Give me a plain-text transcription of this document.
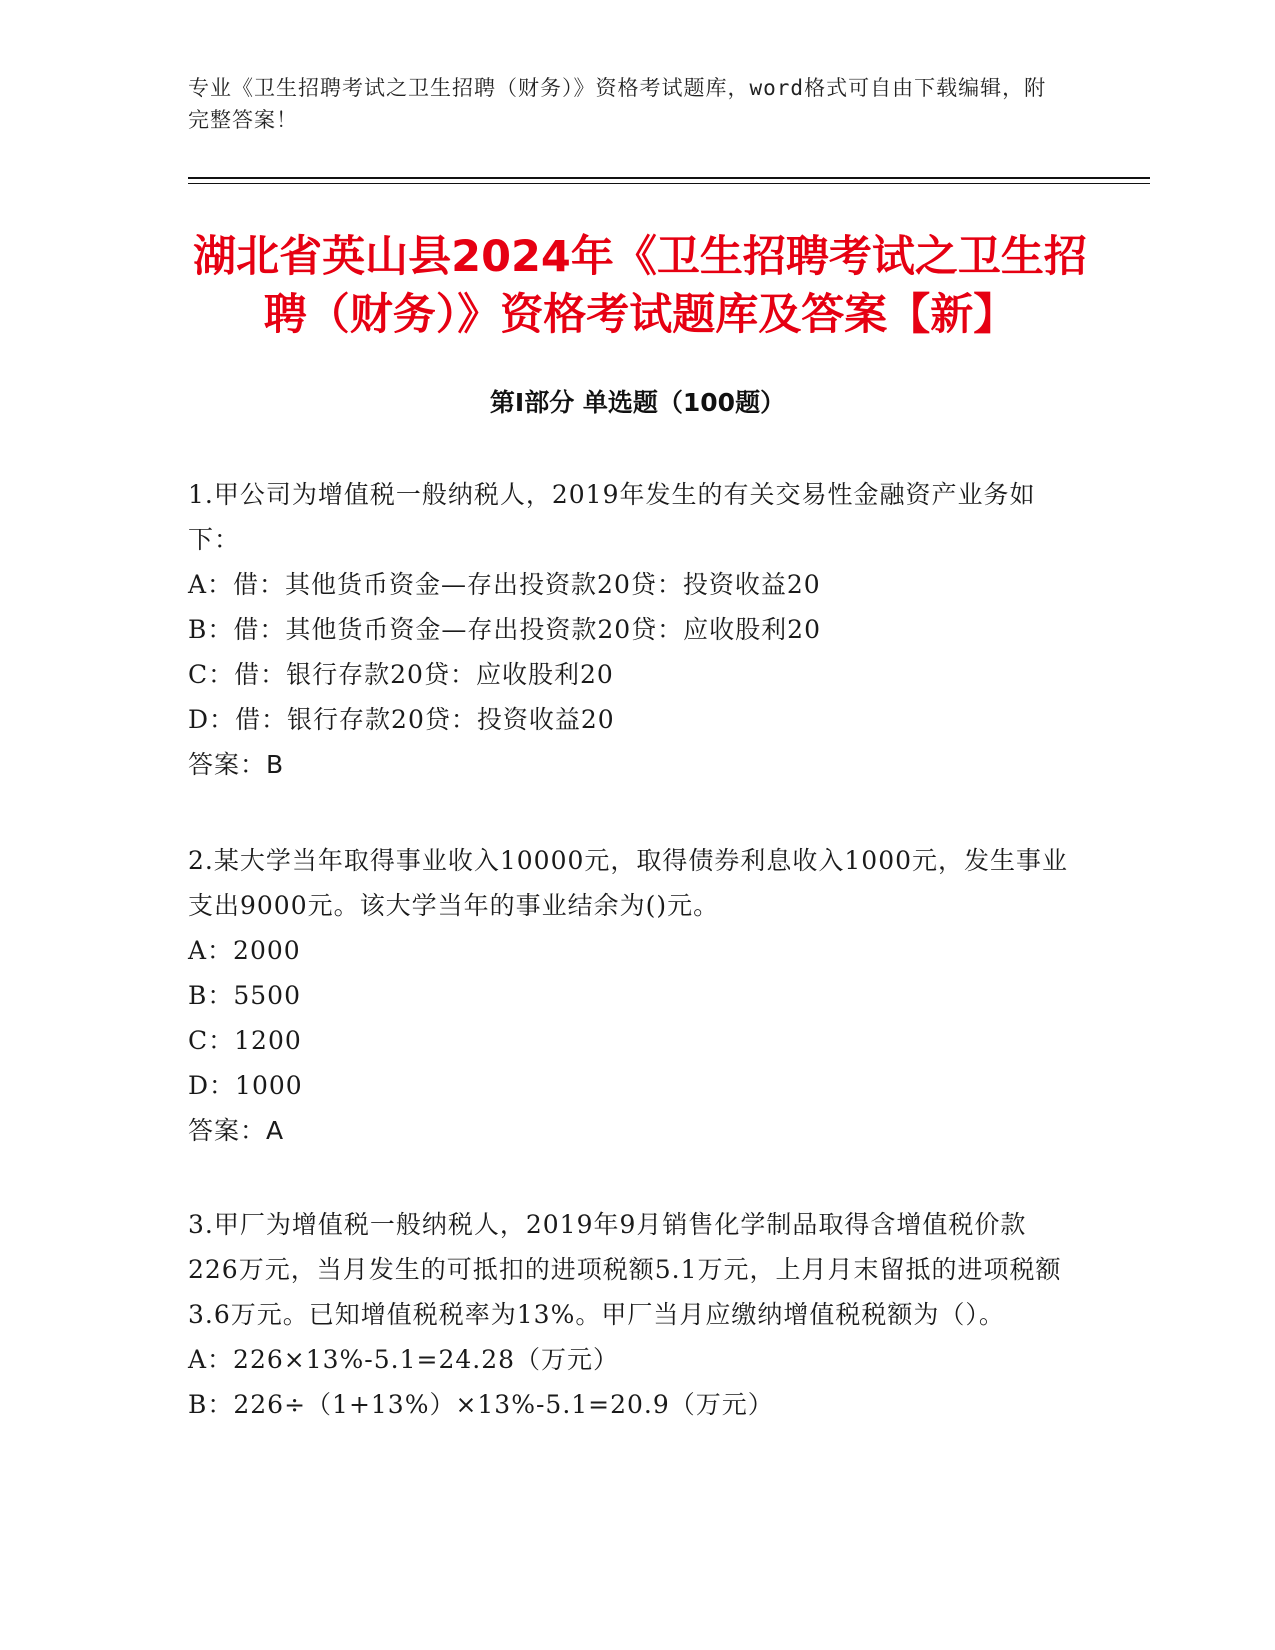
专业《卫生招聘考试之卫生招聘（财务）》资格考试题库，word格式可自由下载编辑，附完整答案！
湖北省英山县2024年《卫生招聘考试之卫生招聘（财务）》资格考试题库及答案【新】
第Ⅰ部分 单选题（100题）
1.甲公司为增值税一般纳税人，2019年发生的有关交易性金融资产业务如下：
A：借：其他货币资金—存出投资款20贷：投资收益20
B：借：其他货币资金—存出投资款20贷：应收股利20
C：借：银行存款20贷：应收股利20
D：借：银行存款20贷：投资收益20
答案：B
2.某大学当年取得事业收入10000元，取得债券利息收入1000元，发生事业支出9000元。该大学当年的事业结余为()元。
A：2000
B：5500
C：1200
D：1000
答案：A
3.甲厂为增值税一般纳税人，2019年9月销售化学制品取得含增值税价款226万元，当月发生的可抵扣的进项税额5.1万元，上月月末留抵的进项税额3.6万元。已知增值税税率为13%。甲厂当月应缴纳增值税税额为（）。
A：226×13%-5.1=24.28（万元）
B：226÷（1+13%）×13%-5.1=20.9（万元）
